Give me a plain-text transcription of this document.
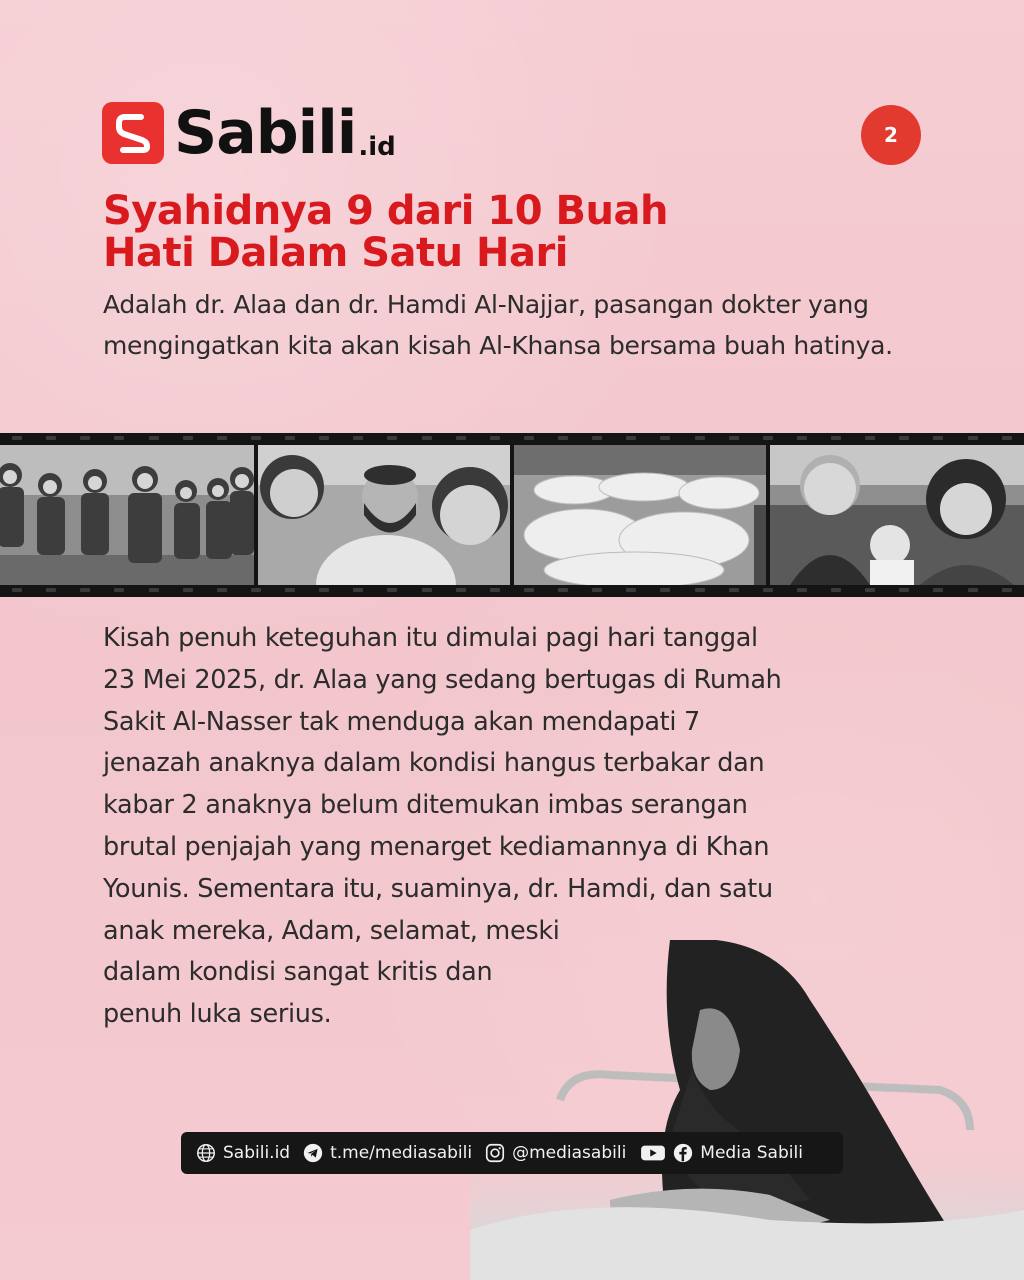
Sabili .id	2
Syahidnya 9 dari 10 Buah
Hati Dalam Satu Hari

Adalah dr. Alaa dan dr. Hamdi Al-Najjar, pasangan dokter yang mengingatkan kita akan kisah Al-Khansa bersama buah hatinya.

Kisah penuh keteguhan itu dimulai pagi hari tanggal
23 Mei 2025, dr. Alaa yang sedang bertugas di Rumah
Sakit Al-Nasser tak menduga akan mendapati 7
jenazah anaknya dalam kondisi hangus terbakar dan
kabar 2 anaknya belum ditemukan imbas serangan
brutal penjajah yang menarget kediamannya di Khan
Younis. Sementara itu, suaminya, dr. Hamdi, dan satu
anak mereka, Adam, selamat, meski
dalam kondisi sangat kritis dan
penuh luka serius.

Sabili.id t.me/mediasabili @mediasabili	Media Sabili
